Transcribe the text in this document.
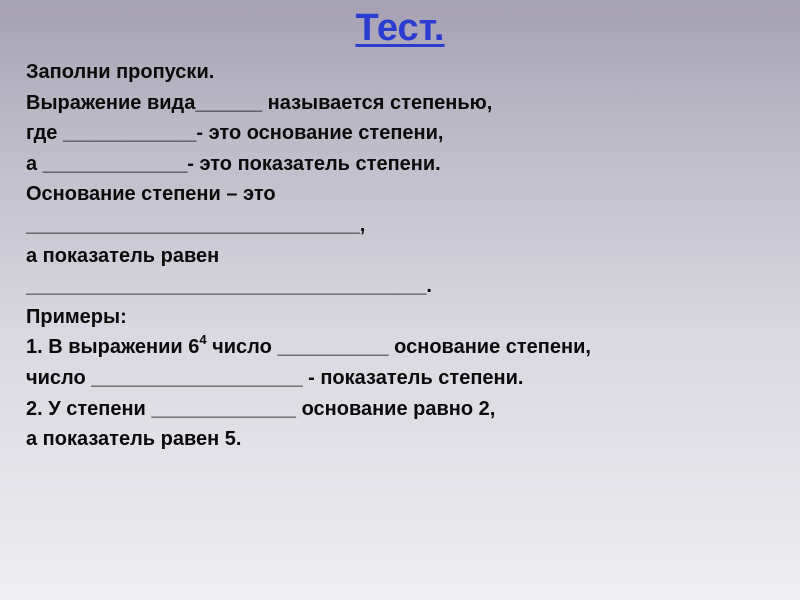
Тест.
Заполни пропуски.
Выражение вида______ называется степенью,
где ____________- это основание степени,
а _____________- это показатель степени.
Основание степени – это
______________________________,
а показатель равен
____________________________________.
Примеры:
1. В выражении $6^4$ число __________ основание степени,
число ___________________ - показатель степени.
2. У степени _____________ основание равно 2,
а показатель равен 5.
